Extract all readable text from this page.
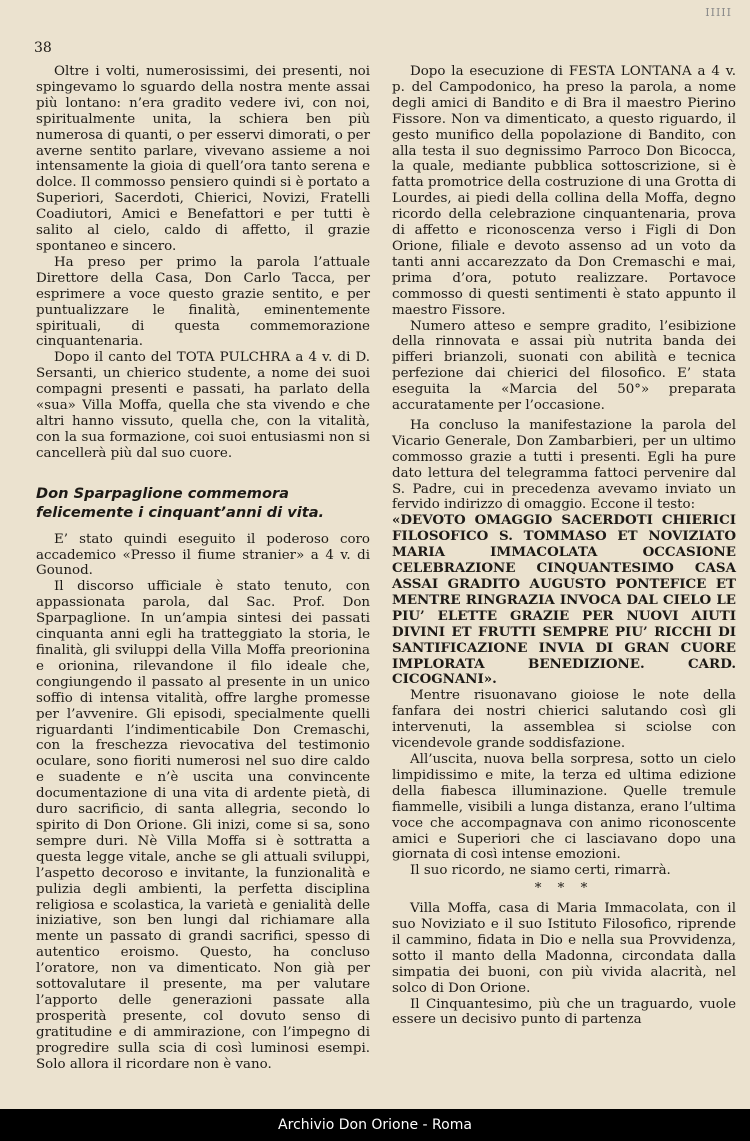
38
IIIII

Oltre i volti, numerosissimi, dei presenti, noi spingevamo lo sguardo della nostra mente assai più lontano: n’era gradito vedere ivi, con noi, spiritualmente unita, la schiera ben più numerosa di quanti, o per esservi dimorati, o per averne sentito parlare, vivevano assieme a noi intensamente la gioia di quell’ora tanto serena e dolce. Il commosso pensiero quindi si è portato a Superiori, Sacerdoti, Chierici, Novizi, Fratelli Coadiutori, Amici e Benefattori e per tutti è salito al cielo, caldo di affetto, il grazie spontaneo e sincero.

Ha preso per primo la parola l’attuale Direttore della Casa, Don Carlo Tacca, per esprimere a voce questo grazie sentito, e per puntualizzare le finalità, eminentemente spirituali, di questa commemorazione cinquantenaria.

Dopo il canto del TOTA PULCHRA a 4 v. di D. Sersanti, un chierico studente, a nome dei suoi compagni presenti e passati, ha parlato della «sua» Villa Moffa, quella che sta vivendo e che altri hanno vissuto, quella che, con la vitalità, con la sua formazione, coi suoi entusiasmi non si cancellerà più dal suo cuore.

Don Sparpaglione commemora felicemente i cinquant’anni di vita.

E’ stato quindi eseguito il poderoso coro accademico «Presso il fiume stranier» a 4 v. di Gounod.

Il discorso ufficiale è stato tenuto, con appassionata parola, dal Sac. Prof. Don Sparpaglione. In un’ampia sintesi dei passati cinquanta anni egli ha tratteggiato la storia, le finalità, gli sviluppi della Villa Moffa preorionina e orionina, rilevandone il filo ideale che, congiungendo il passato al presente in un unico soffio di intensa vitalità, offre larghe promesse per l’avvenire. Gli episodi, specialmente quelli riguardanti l’indimenticabile Don Cremaschi, con la freschezza rievocativa del testimonio oculare, sono fioriti numerosi nel suo dire caldo e suadente e n’è uscita una convincente documentazione di una vita di ardente pietà, di duro sacrificio, di santa allegria, secondo lo spirito di Don Orione. Gli inizi, come si sa, sono sempre duri. Nè Villa Moffa si è sottratta a questa legge vitale, anche se gli attuali sviluppi, l’aspetto decoroso e invitante, la funzionalità e pulizia degli ambienti, la perfetta disciplina religiosa e scolastica, la varietà e genialità delle iniziative, son ben lungi dal richiamare alla mente un passato di grandi sacrifici, spesso di autentico eroismo. Questo, ha concluso l’oratore, non va dimenticato. Non già per sottovalutare il presente, ma per valutare l’apporto delle generazioni passate alla prosperità presente, col dovuto senso di gratitudine e di ammirazione, con l’impegno di progredire sulla scia di così luminosi esempi. Solo allora il ricordare non è vano.

Dopo la esecuzione di FESTA LONTANA a 4 v. p. del Campodonico, ha preso la parola, a nome degli amici di Bandito e di Bra il maestro Pierino Fissore. Non va dimenticato, a questo riguardo, il gesto munifico della popolazione di Bandito, con alla testa il suo degnissimo Parroco Don Bicocca, la quale, mediante pubblica sottoscrizione, si è fatta promotrice della costruzione di una Grotta di Lourdes, ai piedi della collina della Moffa, degno ricordo della celebrazione cinquantenaria, prova di affetto e riconoscenza verso i Figli di Don Orione, filiale e devoto assenso ad un voto da tanti anni accarezzato da Don Cremaschi e mai, prima d’ora, potuto realizzare. Portavoce commosso di questi sentimenti è stato appunto il maestro Fissore.

Numero atteso e sempre gradito, l’esibizione della rinnovata e assai più nutrita banda dei pifferi brianzoli, suonati con abilità e tecnica perfezione dai chierici del filosofico. E’ stata eseguita la «Marcia del 50°» preparata accuratamente per l’occasione.

Ha concluso la manifestazione la parola del Vicario Generale, Don Zambarbieri, per un ultimo commosso grazie a tutti i presenti. Egli ha pure dato lettura del telegramma fattoci pervenire dal S. Padre, cui in precedenza avevamo inviato un fervido indirizzo di omaggio. Eccone il testo:

«DEVOTO OMAGGIO SACERDOTI CHIERICI FILOSOFICO S. TOMMASO ET NOVIZIATO MARIA IMMACOLATA OCCASIONE CELEBRAZIONE CINQUANTESIMO CASA ASSAI GRADITO AUGUSTO PONTEFICE ET MENTRE RINGRAZIA INVOCA DAL CIELO LE PIU’ ELETTE GRAZIE PER NUOVI AIUTI DIVINI ET FRUTTI SEMPRE PIU’ RICCHI DI SANTIFICAZIONE INVIA DI GRAN CUORE IMPLORATA BENEDIZIONE. CARD. CICOGNANI».

Mentre risuonavano gioiose le note della fanfara dei nostri chierici salutando così gli intervenuti, la assemblea si sciolse con vicendevole grande soddisfazione.

All’uscita, nuova bella sorpresa, sotto un cielo limpidissimo e mite, la terza ed ultima edizione della fiabesca illuminazione. Quelle tremule fiammelle, visibili a lunga distanza, erano l’ultima voce che accompagnava con animo riconoscente amici e Superiori che ci lasciavano dopo una giornata di così intense emozioni.

Il suo ricordo, ne siamo certi, rimarrà.

* * *

Villa Moffa, casa di Maria Immacolata, con il suo Noviziato e il suo Istituto Filosofico, riprende il cammino, fidata in Dio e nella sua Provvidenza, sotto il manto della Madonna, circondata dalla simpatia dei buoni, con più vivida alacrità, nel solco di Don Orione.

Il Cinquantesimo, più che un traguardo, vuole essere un decisivo punto di partenza

Archivio Don Orione - Roma
